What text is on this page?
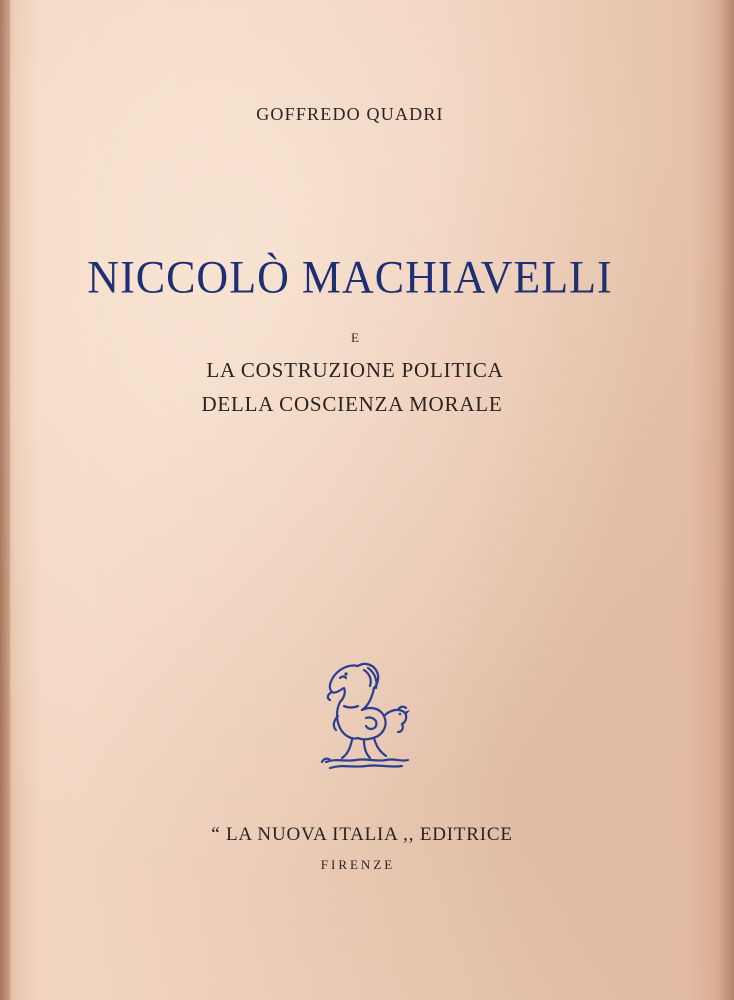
GOFFREDO QUADRI
NICCOLÒ MACHIAVELLI
E
LA COSTRUZIONE POLITICA
DELLA COSCIENZA MORALE
“ LA NUOVA ITALIA ,, EDITRICE
FIRENZE
